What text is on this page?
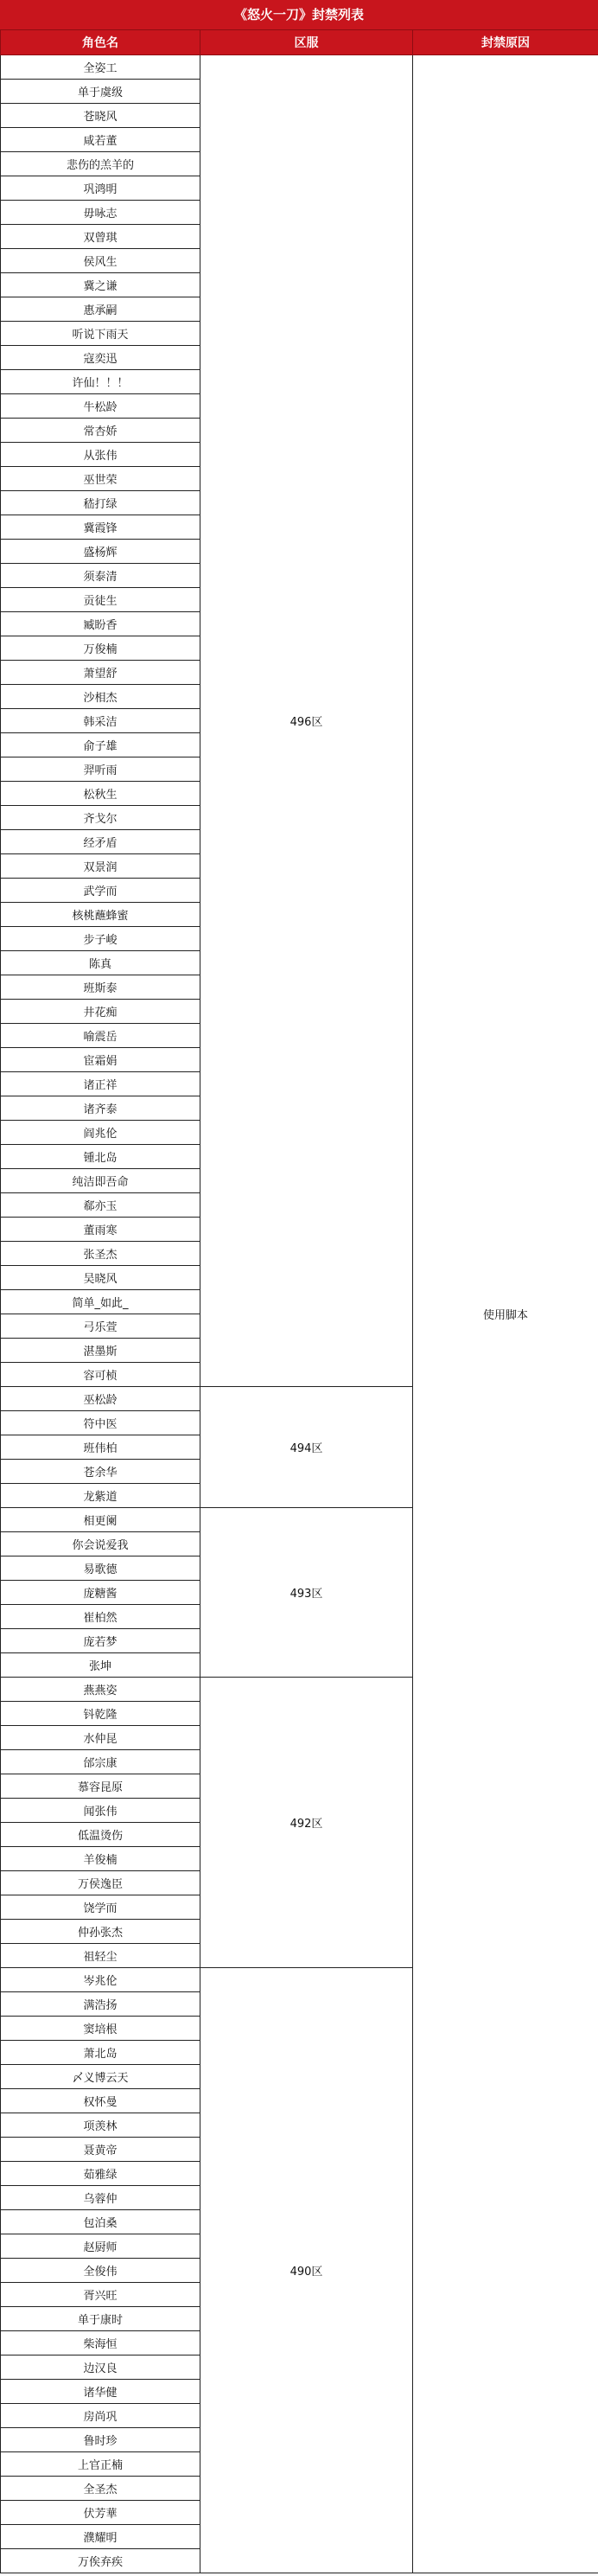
《怒火一刀》封禁列表
角色名	区服	封禁原因
全姿工	496区	使用脚本
单于虞级		
苍晓风		
咸若董		
悲伤的羔羊的		
巩鸿明		
毋咏志		
双曾琪		
侯风生		
冀之谦		
惠承嗣		
听说下雨天		
寇奕迅		
许仙！！！		
牛松龄		
常杏娇		
从张伟		
巫世荣		
嵇打绿		
冀霞锋		
盛杨辉		
须泰清		
贡徒生		
臧盼香		
万俊楠		
萧望舒		
沙相杰		
韩采洁		
俞子雄		
羿听雨		
松秋生		
齐戈尔		
经矛盾		
双景润		
武学而		
核桃蘸蜂蜜		
步子峻		
陈真		
班斯泰		
井花痴		
喻震岳		
宦霜娟		
诸正祥		
诸齐泰		
阎兆伦		
锺北岛		
纯洁即吾命		
郗亦玉		
董雨寒		
张圣杰		
吴晓风		
简单_如此_		
弓乐萱		
湛墨斯		
容可桢		
巫松龄	494区	
符中医		
班伟柏		
苍余华		
龙紫道		
相更阑	493区	
你会说爱我		
易歌德		
庞糖酱		
崔柏然		
庞若梦		
张坤		
燕燕姿	492区	
钭乾隆		
水仲昆		
邰宗康		
慕容昆原		
闻张伟		
低温烫伤		
羊俊楠		
万侯逸臣		
饶学而		
仲孙张杰		
祖轻尘		
岑兆伦	490区	
满浩扬		
窦培根		
萧北岛		
〆义博云天		
权怀曼		
项羡林		
聂黄帝		
茹雅绿		
乌蓉仲		
包泊桑		
赵厨师		
全俊伟		
胥兴旺		
单于康时		
柴海恒		
边汉良		
诸华健		
房尚巩		
鲁时珍		
上官正楠		
全圣杰		
伏芳華		
濮耀明		
万俟弃疾		
